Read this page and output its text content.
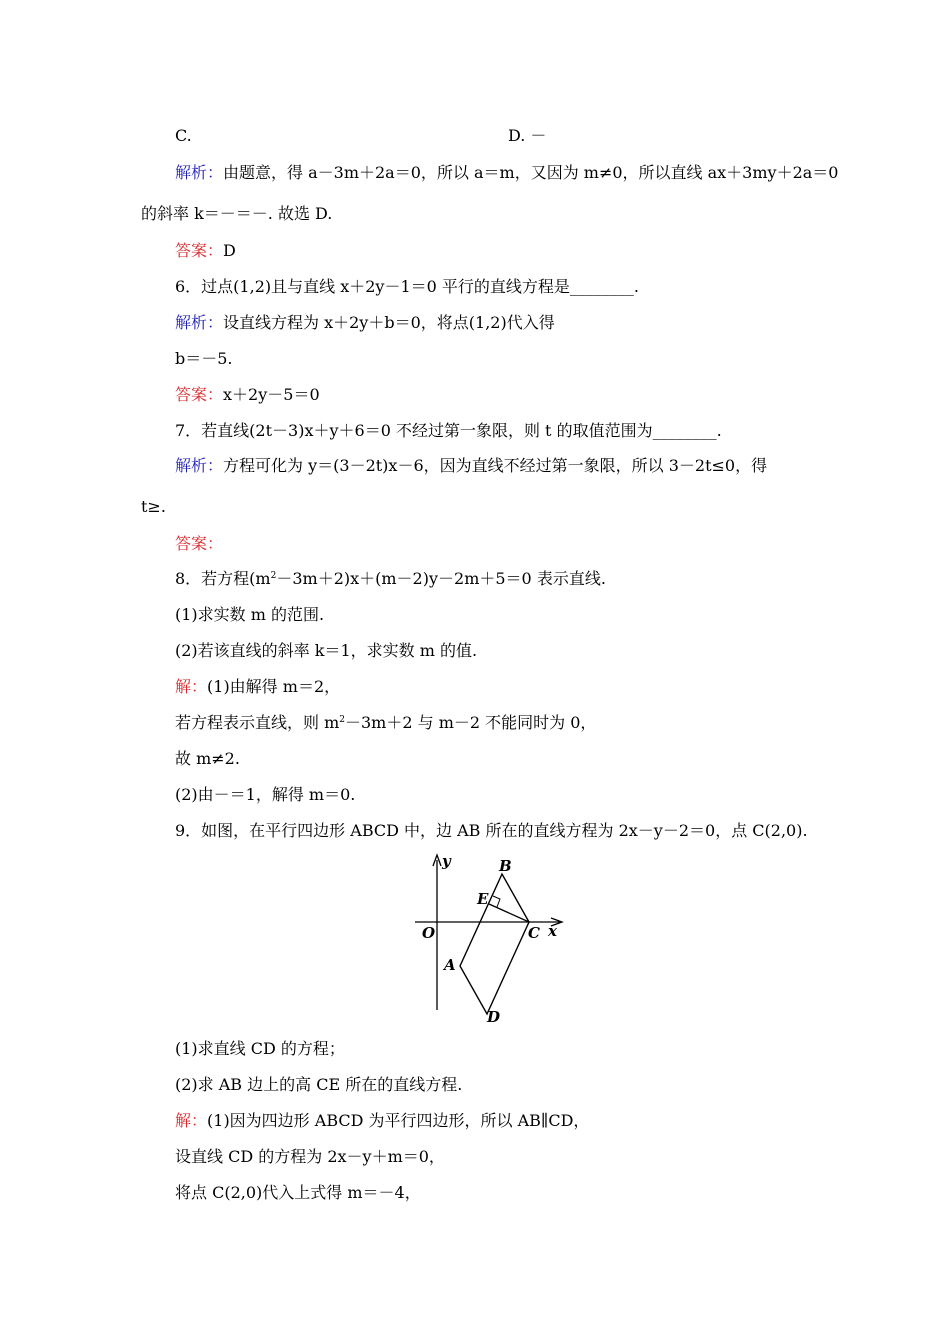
C.	D. －
解析：由题意，得 a－3m＋2a＝0，所以 a＝m，又因为 m≠0，所以直线 ax＋3my＋2a＝0
的斜率 k＝－＝－. 故选 D.
答案：D
6．过点(1,2)且与直线 x＋2y－1＝0 平行的直线方程是________.
解析：设直线方程为 x＋2y＋b＝0，将点(1,2)代入得
b＝－5.
答案：x＋2y－5＝0
7．若直线(2t－3)x＋y＋6＝0 不经过第一象限，则 t 的取值范围为________.
解析：方程可化为 y＝(3－2t)x－6，因为直线不经过第一象限，所以 3－2t≤0，得
t≥.
答案：
8．若方程$(m^2-3m+2)x+(m-2)y-2m+5=0$ 表示直线.
(1)求实数 m 的范围.
(2)若该直线的斜率 k＝1，求实数 m 的值.
解：(1)由解得 m＝2，
若方程表示直线，则 $m^2-3m+2$ 与 m－2 不能同时为 0，
故 m≠2.
(2)由－＝1，解得 m＝0.
9．如图，在平行四边形 ABCD 中，边 AB 所在的直线方程为 2x－y－2＝0，点 C(2,0).
y
x
O
B
E
C
A
D
(1)求直线 CD 的方程；
(2)求 AB 边上的高 CE 所在的直线方程.
解：(1)因为四边形 ABCD 为平行四边形，所以 AB∥CD，
设直线 CD 的方程为 2x－y＋m＝0，
将点 C(2,0)代入上式得 m＝－4，
